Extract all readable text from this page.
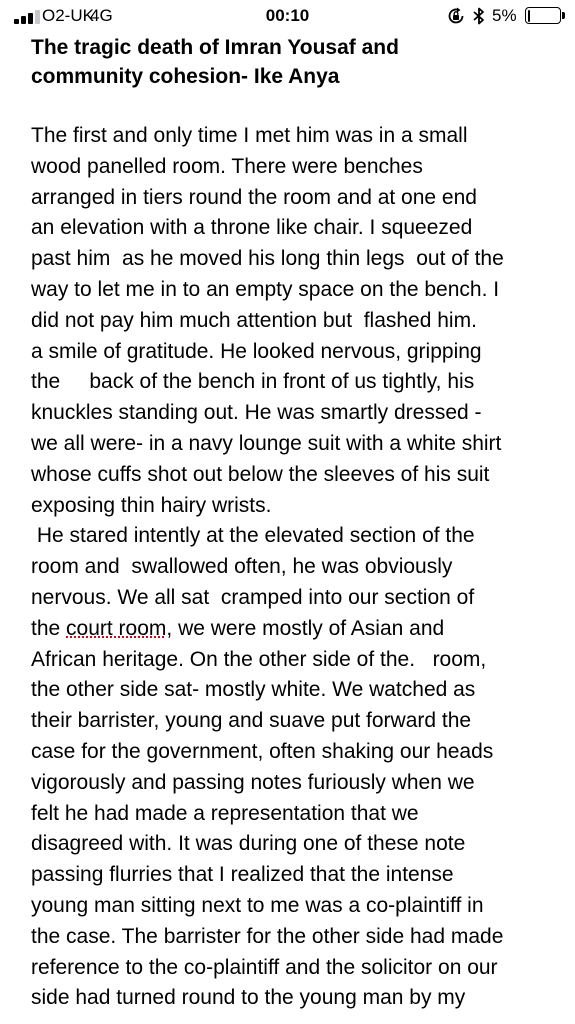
O2-UK
4G	00:10	5%
The tragic death of Imran Yousaf and
community cohesion- Ike Anya
The first and only time I met him was in a small
wood panelled room. There were benches
arranged in tiers round the room and at one end
an elevation with a throne like chair. I squeezed
past him  as he moved his long thin legs  out of the
way to let me in to an empty space on the bench. I
did not pay him much attention but  flashed him.
a smile of gratitude. He looked nervous, gripping
the     back of the bench in front of us tightly, his
knuckles standing out. He was smartly dressed -
we all were- in a navy lounge suit with a white shirt
whose cuffs shot out below the sleeves of his suit
exposing thin hairy wrists.
He stared intently at the elevated section of the
room and  swallowed often, he was obviously
nervous. We all sat  cramped into our section of
the court room, we were mostly of Asian and
African heritage. On the other side of the.   room,
the other side sat- mostly white. We watched as
their barrister, young and suave put forward the
case for the government, often shaking our heads
vigorously and passing notes furiously when we
felt he had made a representation that we
disagreed with. It was during one of these note
passing flurries that I realized that the intense
young man sitting next to me was a co-plaintiff in
the case. The barrister for the other side had made
reference to the co-plaintiff and the solicitor on our
side had turned round to the young man by my
